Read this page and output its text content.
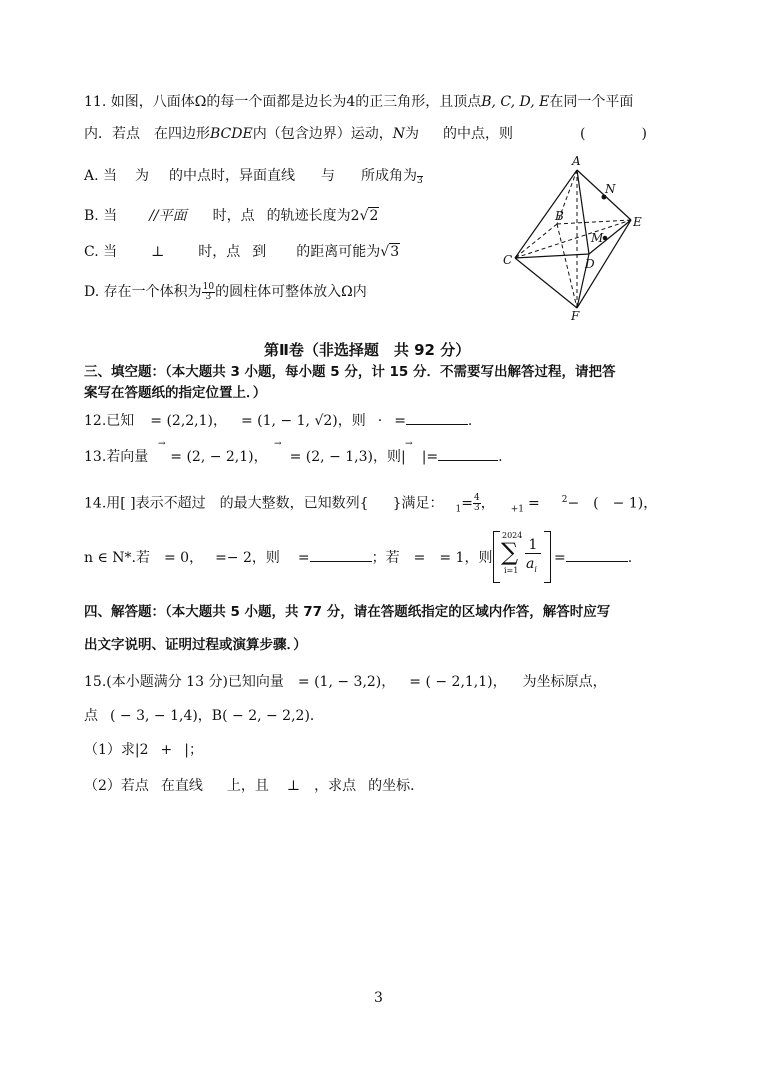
11. 如图，八面体Ω的每一个面都是边长为4的正三角形，且顶点B, C, D, E在同一个平面
内．若点 在四边形BCDE内（包含边界）运动，N为 的中点，则	(　　　　)
A. 当 为 的中点时，异面直线 与 所成角为
3
B. 当 //平面 时，点 的轨迹长度为2√2
C. 当 ⊥ 时，点 到 的距离可能为√3
D. 存在一个体积为 $\frac{10}{3}$ 的圆柱体可整体放入Ω内
A
N
B	E
M
C	D
F
第Ⅱ卷（非选择题　共 92 分）
三、填空题：（本大题共 3 小题，每小题 5 分，计 15 分．不需要写出解答过程，请把答
案写在答题纸的指定位置上．）
12.已知 = (2,2,1)， = (1, − 1, √2)，则 · =	.
→	→	→
13.若向量 = (2, − 2,1)， = (2, − 1,3)，则| |=	.
14.用[ ]表示不超过 的最大整数，已知数列{ }满足： $_1= \frac{4}{3}$ ， $_{+1}$ = $^2$−　( − 1)，
n ∈ N*.若 = 0， =− 2，则 =	；若 = = 1，则
2024
∑
i=1
1
$a_i$
=	.
四、解答题：（本大题共 5 小题，共 77 分，请在答题纸指定的区域内作答，解答时应写
出文字说明、证明过程或演算步骤．）
15.(本小题满分 13 分)已知向量 = (1, − 3,2)， = ( − 2,1,1)， 为坐标原点，
点 ( − 3, − 1,4)，B( − 2, − 2,2)．
（1）求|2 + |；
（2）若点 在直线 上，且 ⊥ ，求点 的坐标．
3
